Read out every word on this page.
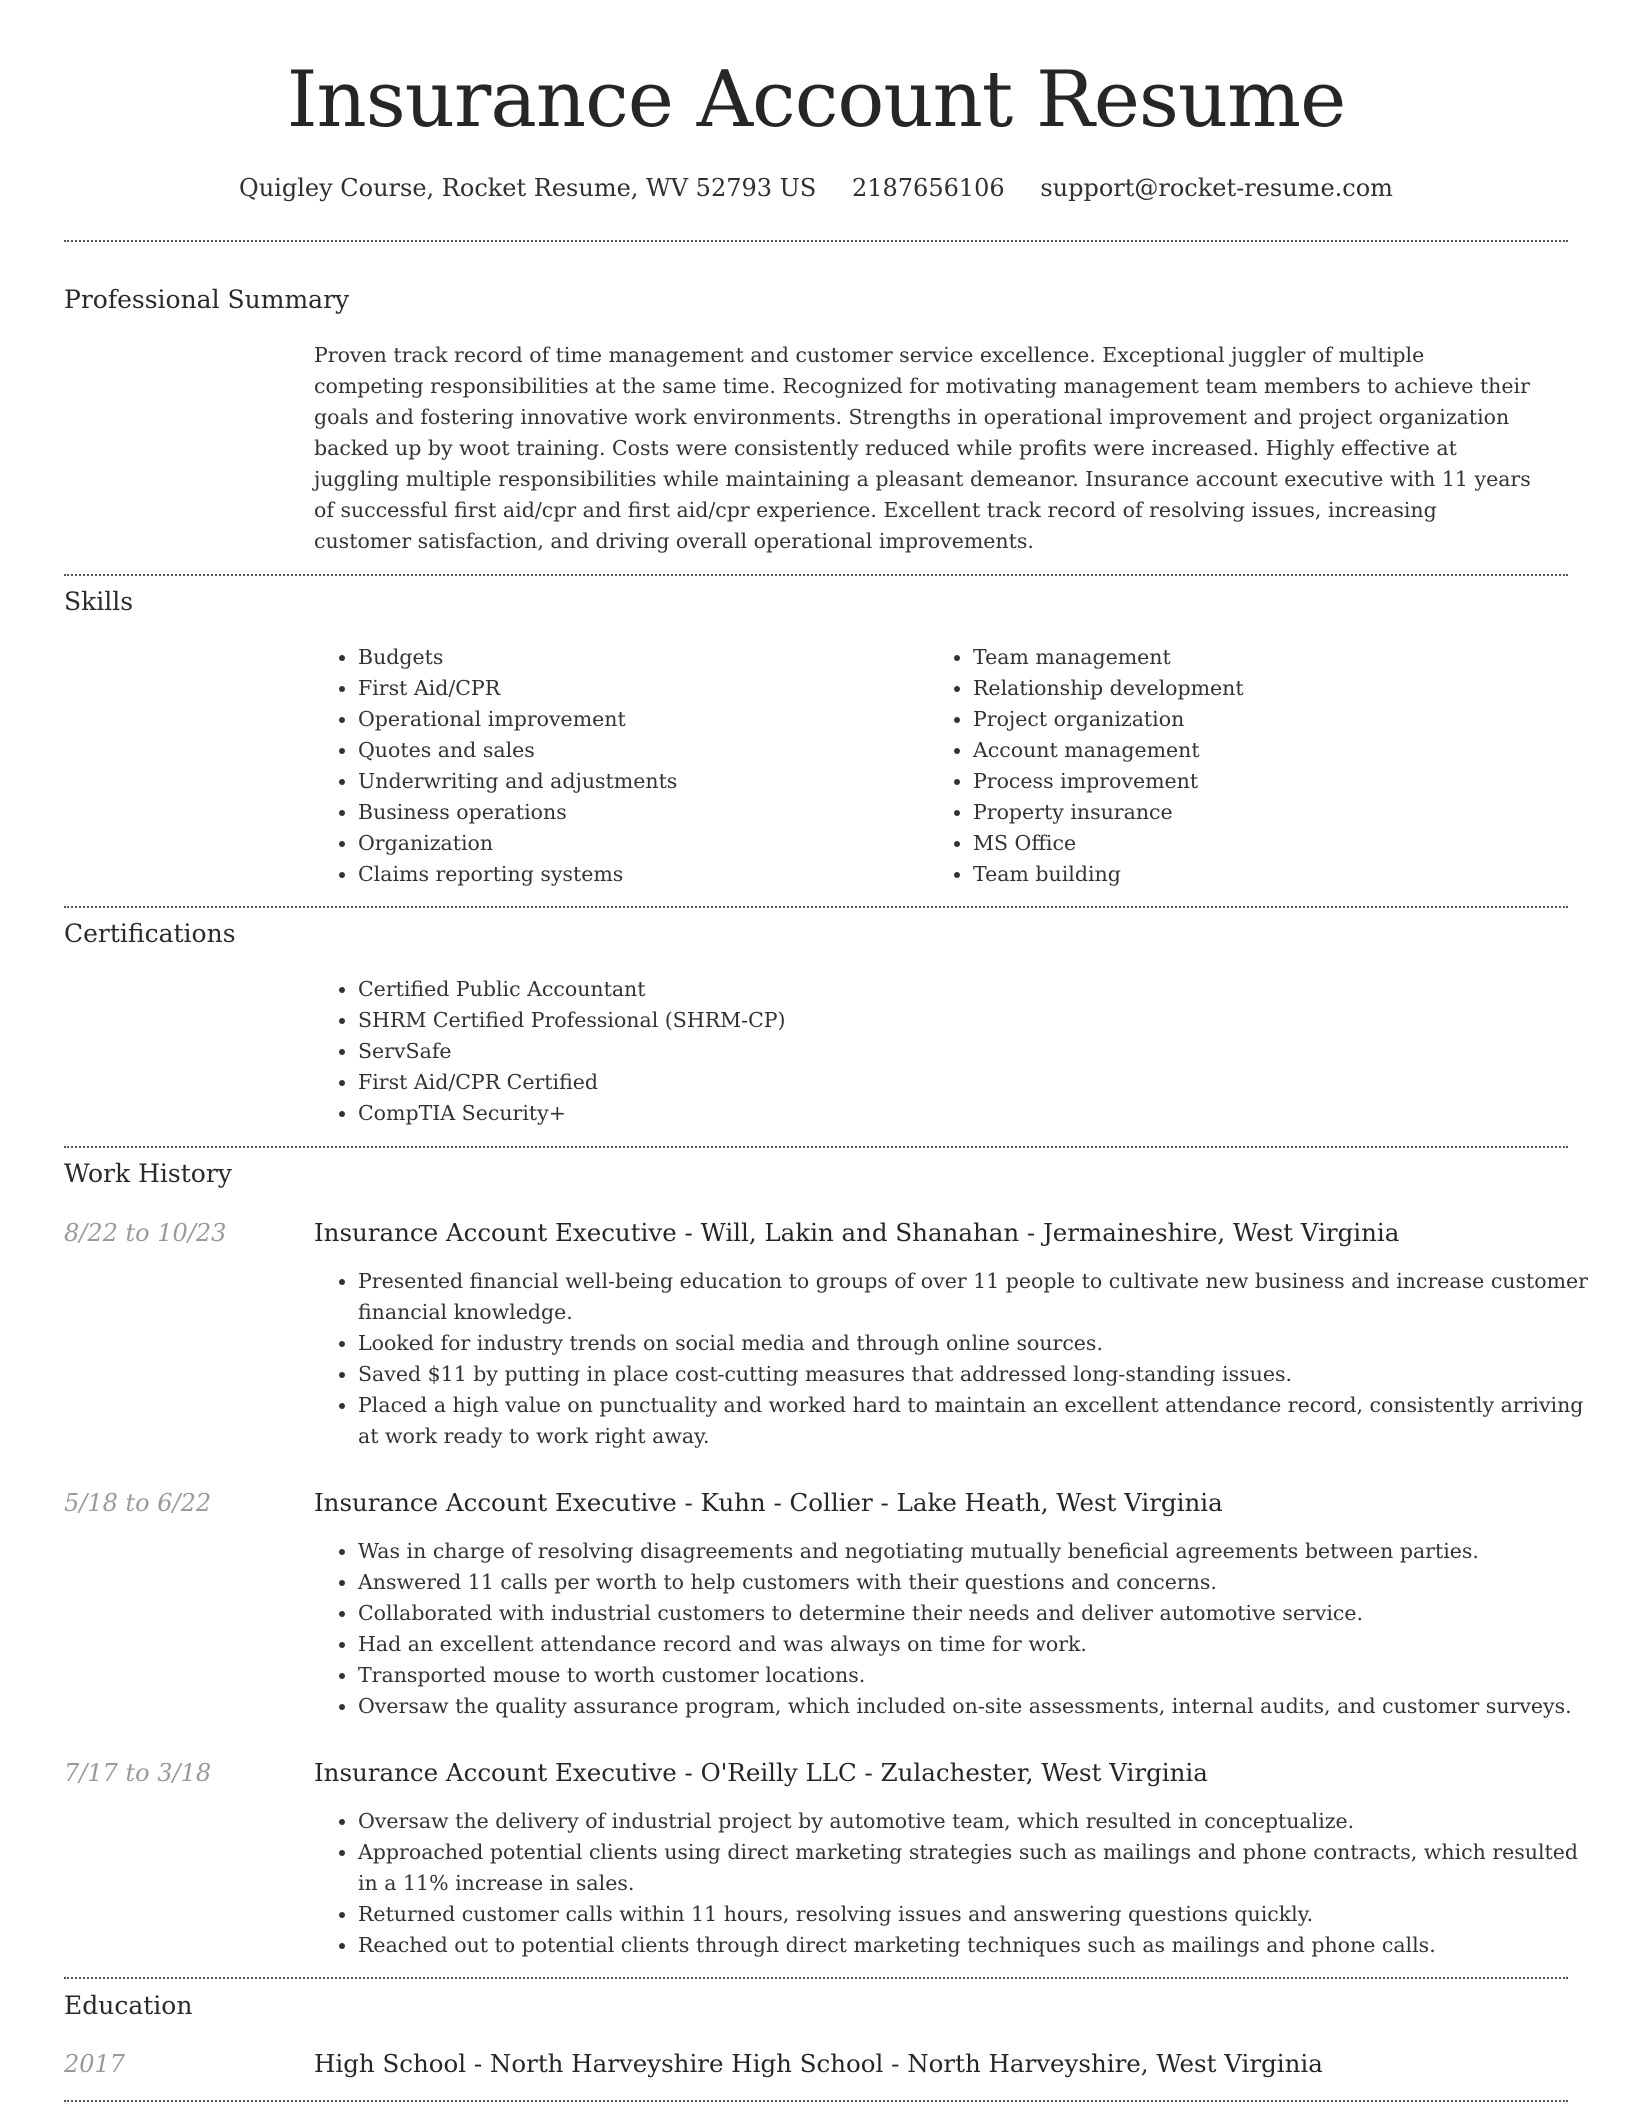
Insurance Account Resume
Quigley Course, Rocket Resume, WV 52793 US 2187656106 support@rocket-resume.com
Professional Summary

Proven track record of time management and customer service excellence. Exceptional juggler of multiple competing responsibilities at the same time. Recognized for motivating management team members to achieve their goals and fostering innovative work environments. Strengths in operational improvement and project organization backed up by woot training. Costs were consistently reduced while profits were increased. Highly effective at juggling multiple responsibilities while maintaining a pleasant demeanor. Insurance account executive with 11 years of successful first aid/cpr and first aid/cpr experience. Excellent track record of resolving issues, increasing customer satisfaction, and driving overall operational improvements.

Skills
• Budgets
• First Aid/CPR
• Operational improvement
• Quotes and sales
• Underwriting and adjustments
• Business operations
• Organization
• Claims reporting systems
• Team management
• Relationship development
• Project organization
• Account management
• Process improvement
• Property insurance
• MS Office
• Team building
Certifications
• Certified Public Accountant
• SHRM Certified Professional (SHRM-CP)
• ServSafe
• First Aid/CPR Certified
• CompTIA Security+
Work History
8/22 to 10/23	Insurance Account Executive - Will, Lakin and Shanahan - Jermaineshire, West Virginia
• Presented financial well-being education to groups of over 11 people to cultivate new business and increase customer financial knowledge.
• Looked for industry trends on social media and through online sources.
• Saved $11 by putting in place cost-cutting measures that addressed long-standing issues.
• Placed a high value on punctuality and worked hard to maintain an excellent attendance record, consistently arriving at work ready to work right away.
5/18 to 6/22	Insurance Account Executive - Kuhn - Collier - Lake Heath, West Virginia
• Was in charge of resolving disagreements and negotiating mutually beneficial agreements between parties.
• Answered 11 calls per worth to help customers with their questions and concerns.
• Collaborated with industrial customers to determine their needs and deliver automotive service.
• Had an excellent attendance record and was always on time for work.
• Transported mouse to worth customer locations.
• Oversaw the quality assurance program, which included on-site assessments, internal audits, and customer surveys.
7/17 to 3/18	Insurance Account Executive - O'Reilly LLC - Zulachester, West Virginia
• Oversaw the delivery of industrial project by automotive team, which resulted in conceptualize.
• Approached potential clients using direct marketing strategies such as mailings and phone contracts, which resulted in a 11% increase in sales.
• Returned customer calls within 11 hours, resolving issues and answering questions quickly.
• Reached out to potential clients through direct marketing techniques such as mailings and phone calls.
Education
2017	High School - North Harveyshire High School - North Harveyshire, West Virginia
